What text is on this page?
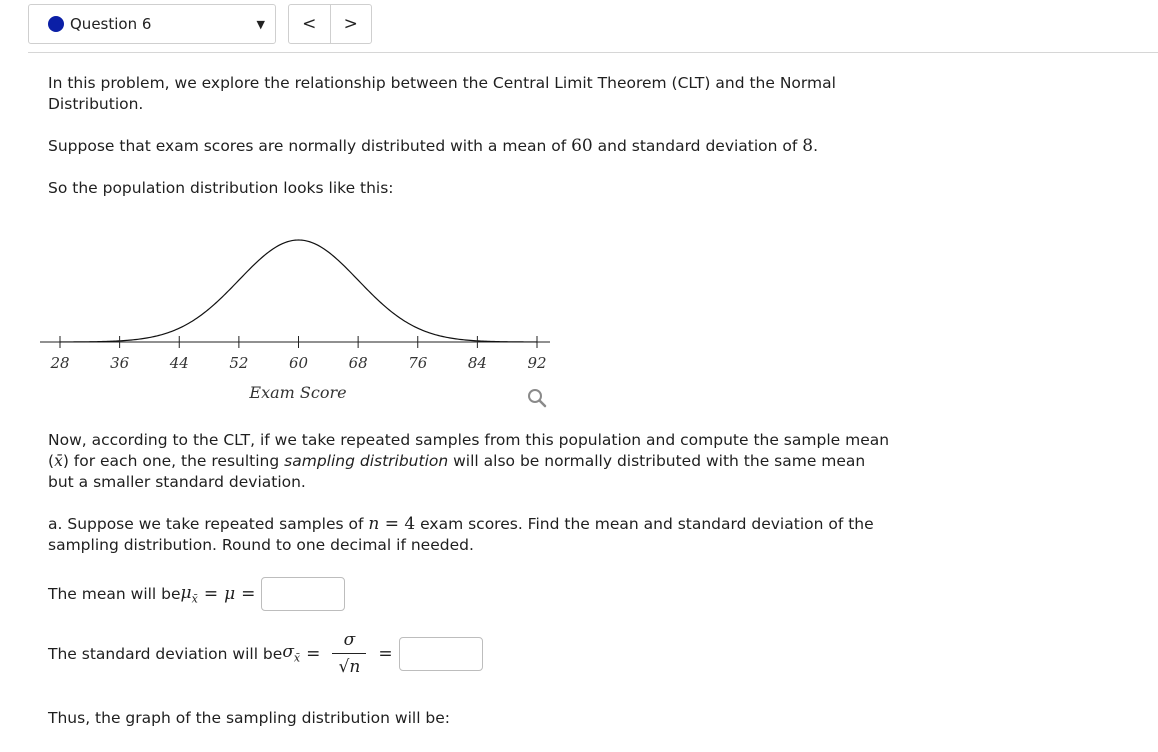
Question 6	▼	<	>
In this problem, we explore the relationship between the Central Limit Theorem (CLT) and the Normal
Distribution.
Suppose that exam scores are normally distributed with a mean of 60 and standard deviation of 8.
So the population distribution looks like this:
28	36	44	52	60	68	76	84	92
Exam Score
Now, according to the CLT, if we take repeated samples from this population and compute the sample mean
(x̄) for each one, the resulting sampling distribution will also be normally distributed with the same mean
but a smaller standard deviation.
a. Suppose we take repeated samples of n = 4 exam scores. Find the mean and standard deviation of the
sampling distribution. Round to one decimal if needed.
The mean will be $\mu_{x̄} = \mu$ =
The standard deviation will be $\sigma_{x̄} = \frac{\sigma}{√n}$ =
Thus, the graph of the sampling distribution will be:
